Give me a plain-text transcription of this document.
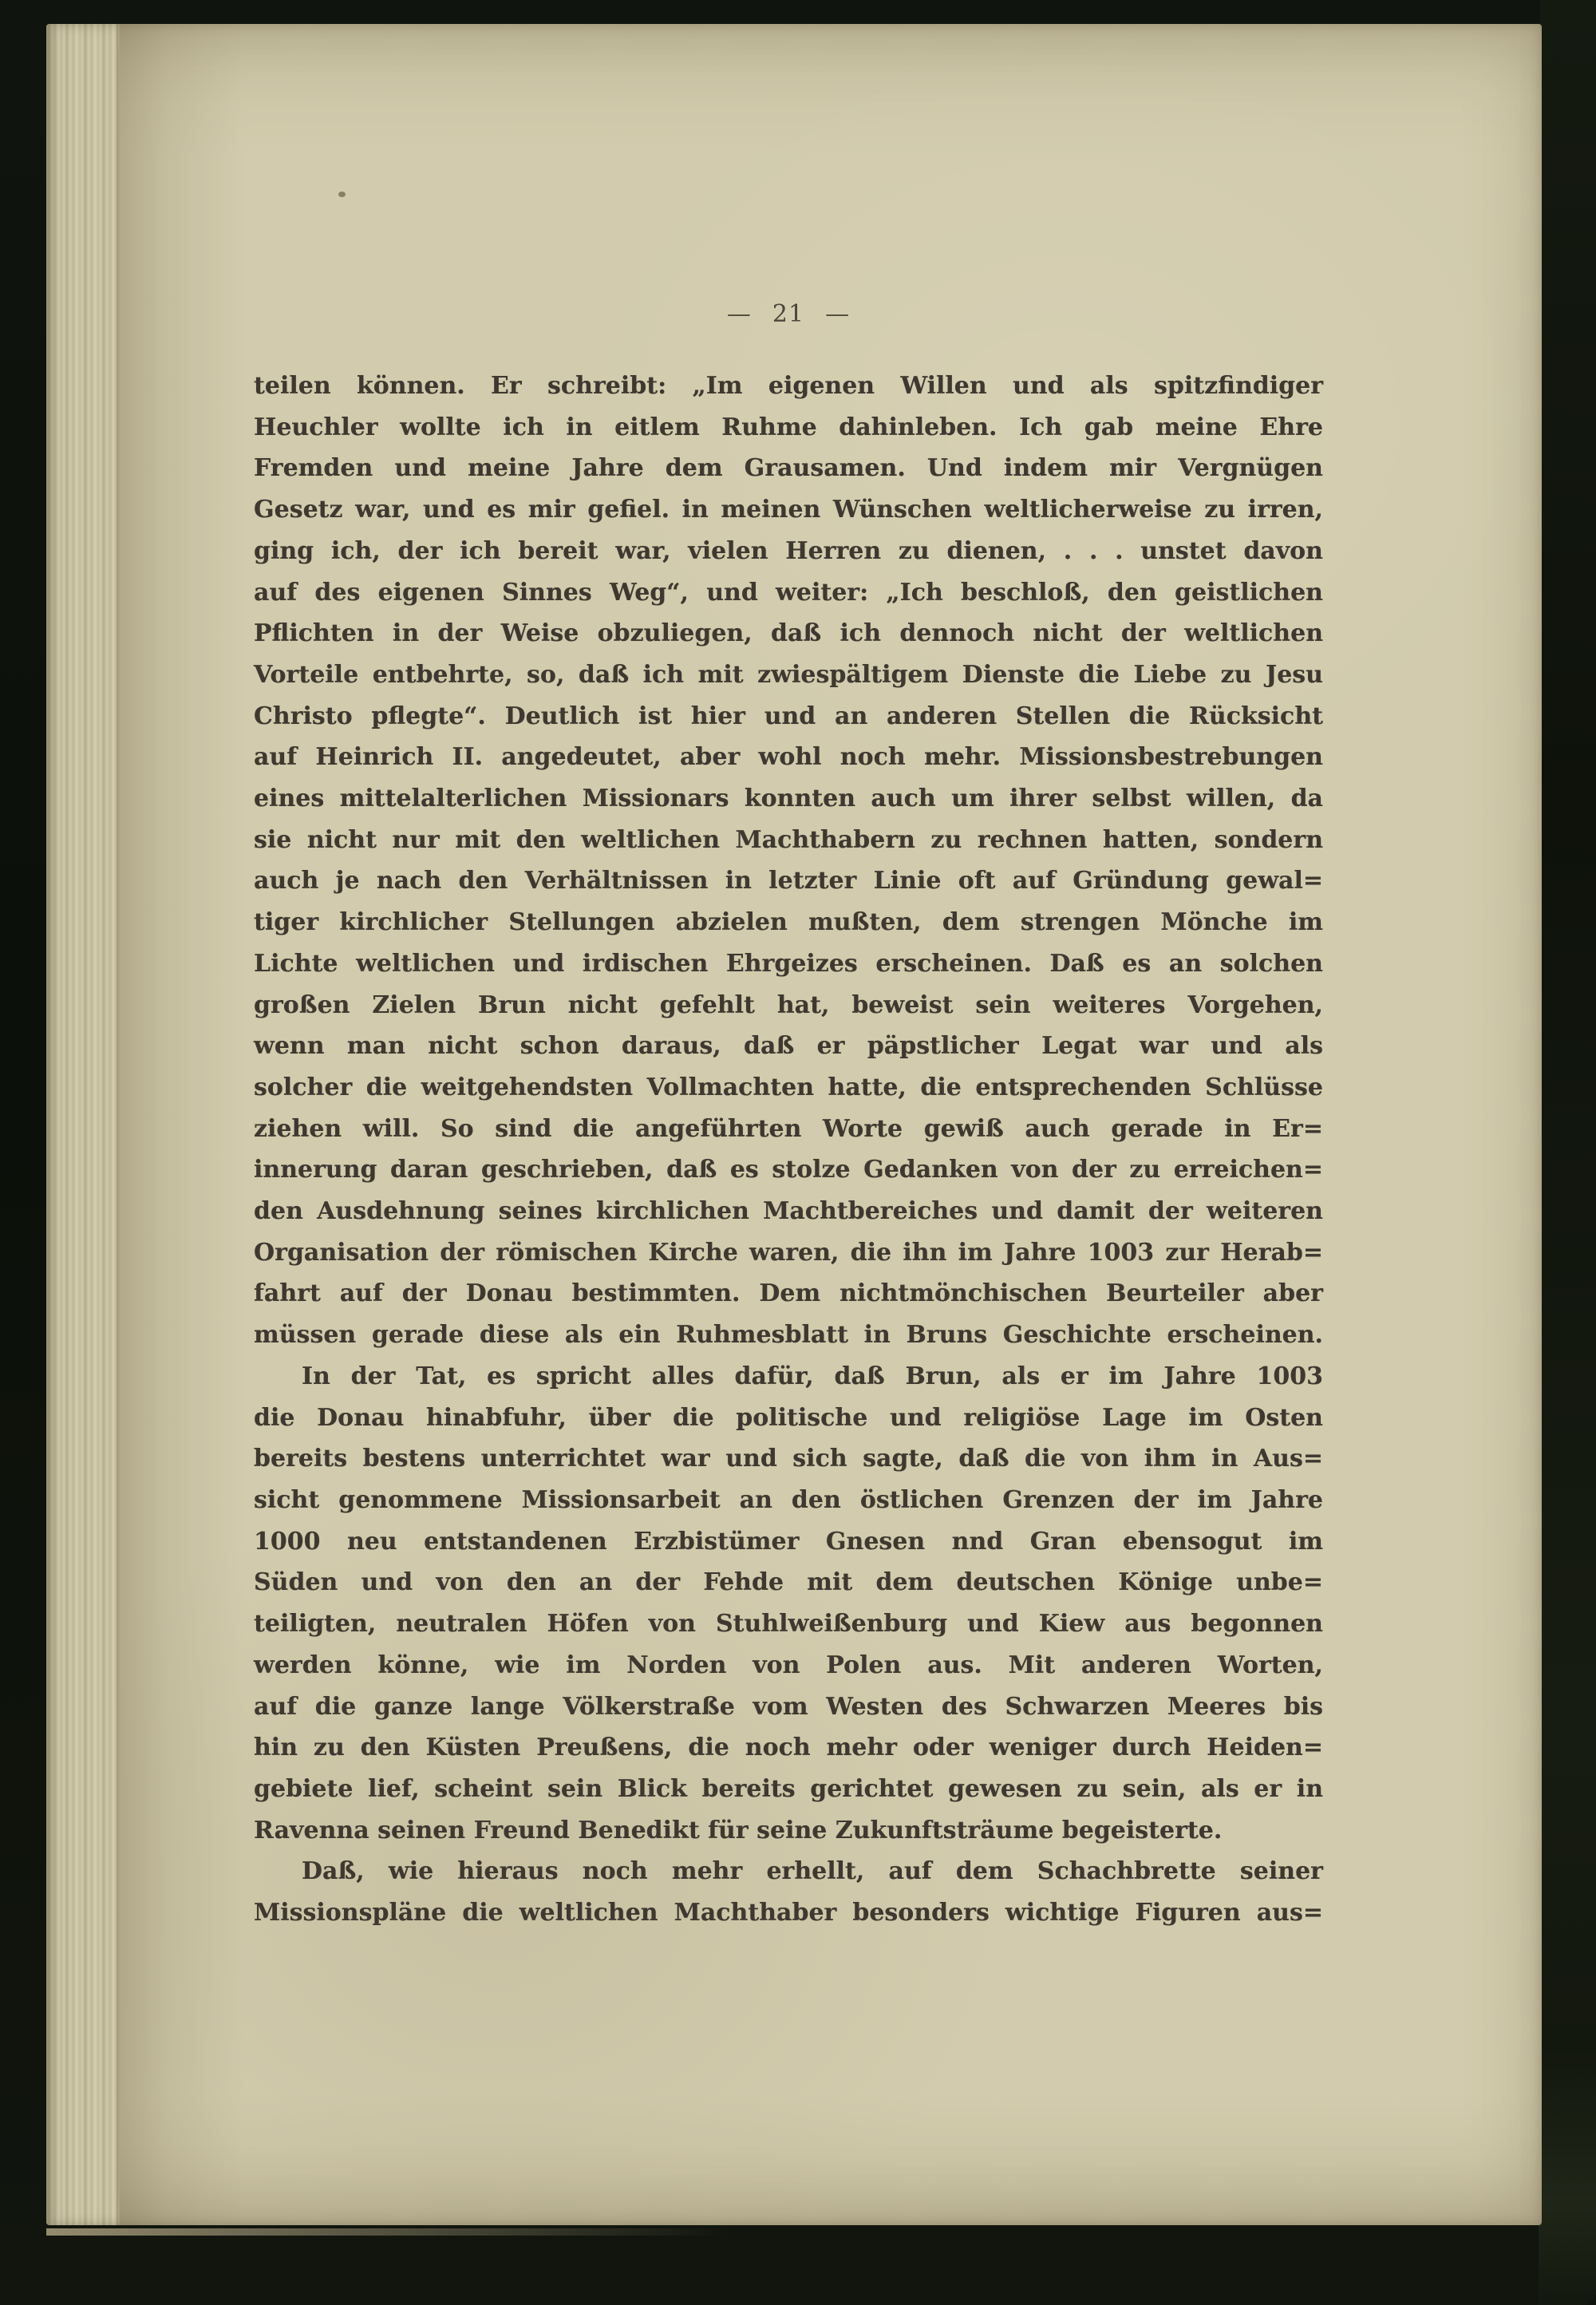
— 21 —
teilen können. Er schreibt: „Im eigenen Willen und als spitzfindiger
Heuchler wollte ich in eitlem Ruhme dahinleben. Ich gab meine Ehre
Fremden und meine Jahre dem Grausamen. Und indem mir Vergnügen
Gesetz war, und es mir gefiel. in meinen Wünschen weltlicherweise zu irren,
ging ich, der ich bereit war, vielen Herren zu dienen, . . . unstet davon
auf des eigenen Sinnes Weg“, und weiter: „Ich beschloß, den geistlichen
Pflichten in der Weise obzuliegen, daß ich dennoch nicht der weltlichen
Vorteile entbehrte, so, daß ich mit zwiespältigem Dienste die Liebe zu Jesu
Christo pflegte“. Deutlich ist hier und an anderen Stellen die Rücksicht
auf Heinrich II. angedeutet, aber wohl noch mehr. Missionsbestrebungen
eines mittelalterlichen Missionars konnten auch um ihrer selbst willen, da
sie nicht nur mit den weltlichen Machthabern zu rechnen hatten, sondern
auch je nach den Verhältnissen in letzter Linie oft auf Gründung gewal=
tiger kirchlicher Stellungen abzielen mußten, dem strengen Mönche im
Lichte weltlichen und irdischen Ehrgeizes erscheinen. Daß es an solchen
großen Zielen Brun nicht gefehlt hat, beweist sein weiteres Vorgehen,
wenn man nicht schon daraus, daß er päpstlicher Legat war und als
solcher die weitgehendsten Vollmachten hatte, die entsprechenden Schlüsse
ziehen will. So sind die angeführten Worte gewiß auch gerade in Er=
innerung daran geschrieben, daß es stolze Gedanken von der zu erreichen=
den Ausdehnung seines kirchlichen Machtbereiches und damit der weiteren
Organisation der römischen Kirche waren, die ihn im Jahre 1003 zur Herab=
fahrt auf der Donau bestimmten. Dem nichtmönchischen Beurteiler aber
müssen gerade diese als ein Ruhmesblatt in Bruns Geschichte erscheinen.
In der Tat, es spricht alles dafür, daß Brun, als er im Jahre 1003
die Donau hinabfuhr, über die politische und religiöse Lage im Osten
bereits bestens unterrichtet war und sich sagte, daß die von ihm in Aus=
sicht genommene Missionsarbeit an den östlichen Grenzen der im Jahre
1000 neu entstandenen Erzbistümer Gnesen nnd Gran ebensogut im
Süden und von den an der Fehde mit dem deutschen Könige unbe=
teiligten, neutralen Höfen von Stuhlweißenburg und Kiew aus begonnen
werden könne, wie im Norden von Polen aus. Mit anderen Worten,
auf die ganze lange Völkerstraße vom Westen des Schwarzen Meeres bis
hin zu den Küsten Preußens, die noch mehr oder weniger durch Heiden=
gebiete lief, scheint sein Blick bereits gerichtet gewesen zu sein, als er in
Ravenna seinen Freund Benedikt für seine Zukunftsträume begeisterte.
Daß, wie hieraus noch mehr erhellt, auf dem Schachbrette seiner
Missionspläne die weltlichen Machthaber besonders wichtige Figuren aus=
